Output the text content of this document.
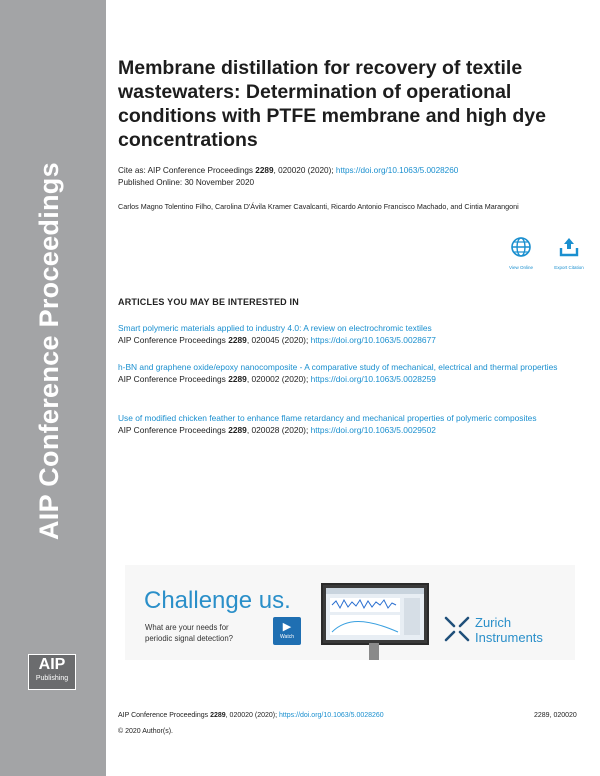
AIP Conference Proceedings
AIP
Publishing
Membrane distillation for recovery of textile wastewaters: Determination of operational conditions with PTFE membrane and high dye concentrations
Cite as: AIP Conference Proceedings 2289, 020020 (2020); https://doi.org/10.1063/5.0028260
Published Online: 30 November 2020
Carlos Magno Tolentino Filho, Carolina D'Ávila Kramer Cavalcanti, Ricardo Antonio Francisco Machado, and Cintia Marangoni
View Online	Export Citation
ARTICLES YOU MAY BE INTERESTED IN
Smart polymeric materials applied to industry 4.0: A review on electrochromic textiles
AIP Conference Proceedings 2289, 020045 (2020); https://doi.org/10.1063/5.0028677
h-BN and graphene oxide/epoxy nanocomposite - A comparative study of mechanical, electrical and thermal properties
AIP Conference Proceedings 2289, 020002 (2020); https://doi.org/10.1063/5.0028259
Use of modified chicken feather to enhance flame retardancy and mechanical properties of polymeric composites
AIP Conference Proceedings 2289, 020028 (2020); https://doi.org/10.1063/5.0029502
Challenge us.
What are your needs for
periodic signal detection?
▶
Watch
Zurich
Instruments
AIP Conference Proceedings 2289, 020020 (2020); https://doi.org/10.1063/5.0028260	2289, 020020
© 2020 Author(s).
